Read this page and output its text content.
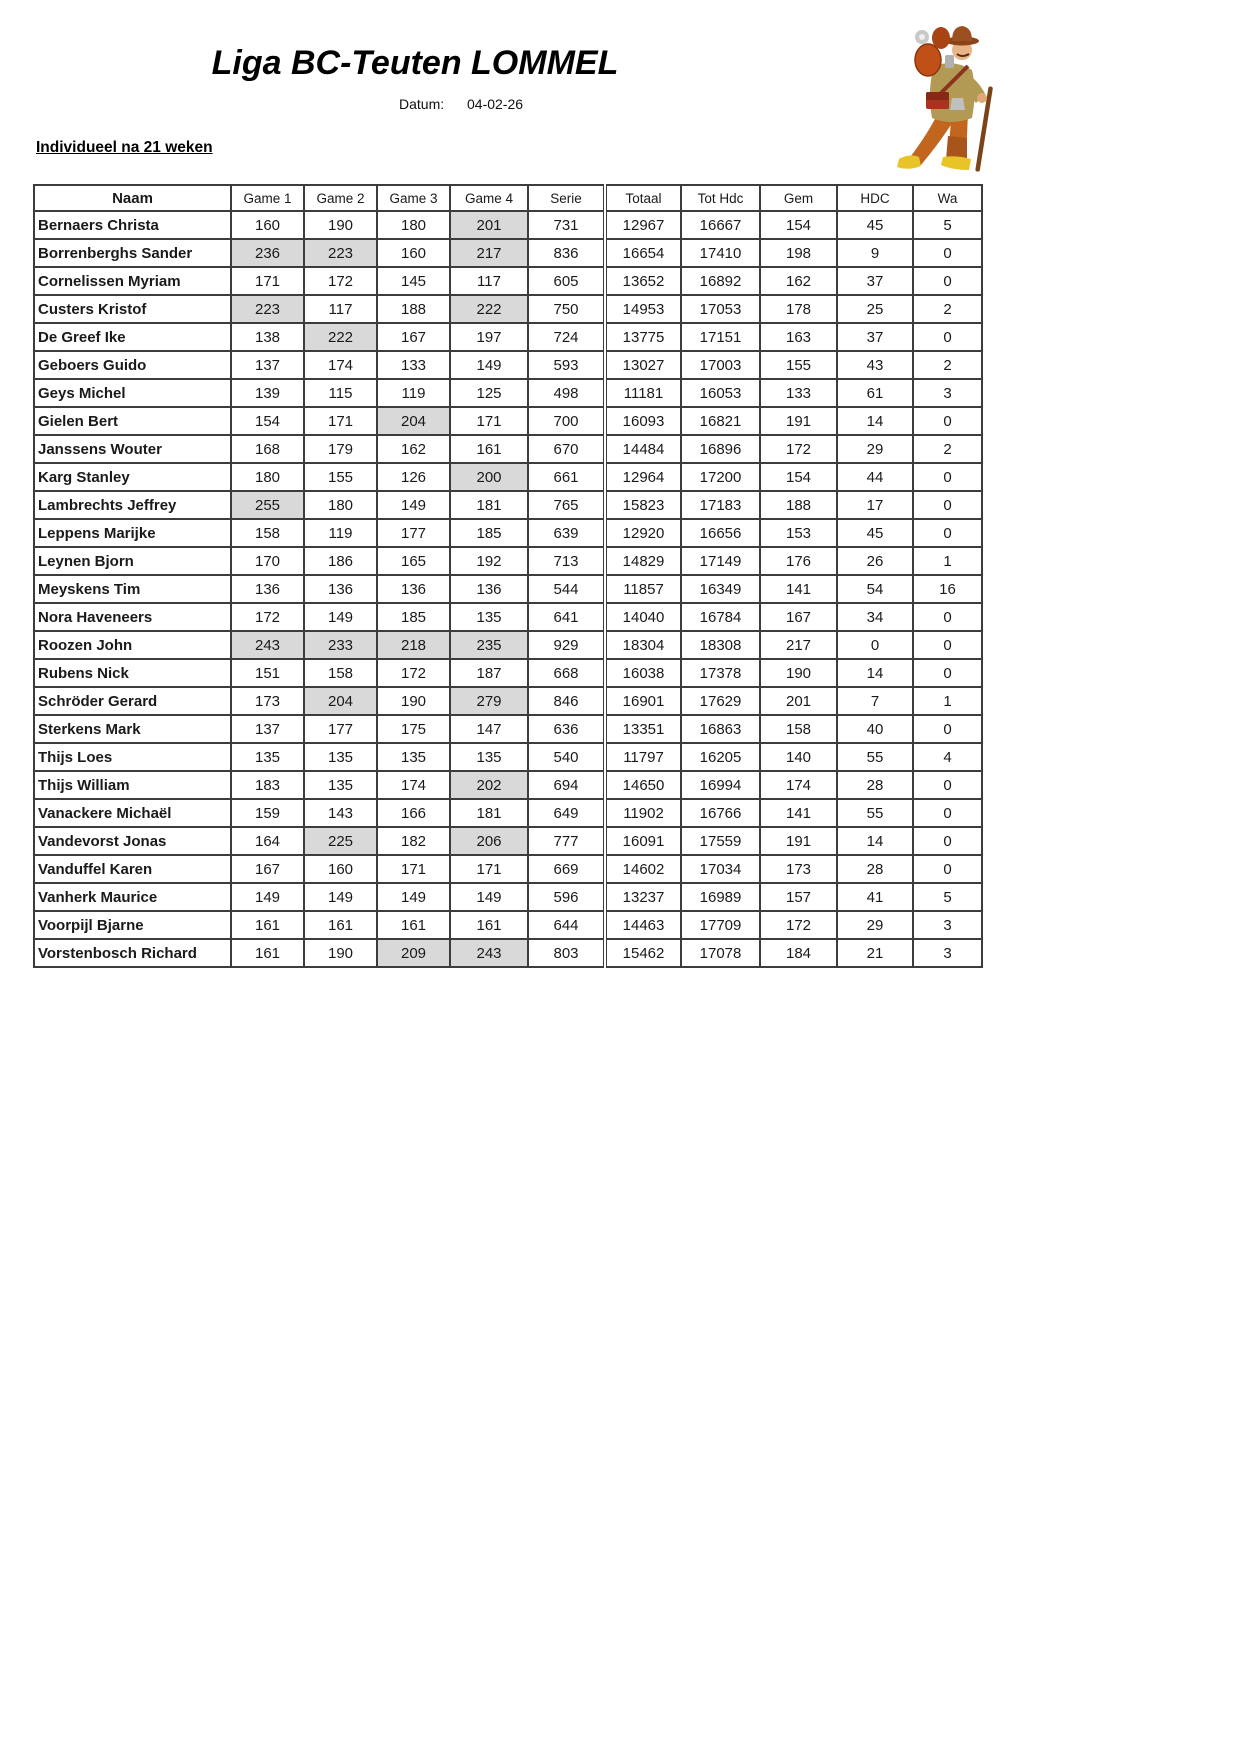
Liga BC-Teuten LOMMEL
Datum: 04-02-26
Individueel na 21 weken
Naam	Game 1	Game 2	Game 3	Game 4	Serie	Totaal	Tot Hdc	Gem	HDC	Wa
Bernaers Christa	160	190	180	201	731	12967	16667	154	45	5
Borrenberghs Sander	236	223	160	217	836	16654	17410	198	9	0
Cornelissen Myriam	171	172	145	117	605	13652	16892	162	37	0
Custers Kristof	223	117	188	222	750	14953	17053	178	25	2
De Greef Ike	138	222	167	197	724	13775	17151	163	37	0
Geboers Guido	137	174	133	149	593	13027	17003	155	43	2
Geys Michel	139	115	119	125	498	11181	16053	133	61	3
Gielen Bert	154	171	204	171	700	16093	16821	191	14	0
Janssens Wouter	168	179	162	161	670	14484	16896	172	29	2
Karg Stanley	180	155	126	200	661	12964	17200	154	44	0
Lambrechts Jeffrey	255	180	149	181	765	15823	17183	188	17	0
Leppens Marijke	158	119	177	185	639	12920	16656	153	45	0
Leynen Bjorn	170	186	165	192	713	14829	17149	176	26	1
Meyskens Tim	136	136	136	136	544	11857	16349	141	54	16
Nora Haveneers	172	149	185	135	641	14040	16784	167	34	0
Roozen John	243	233	218	235	929	18304	18308	217	0	0
Rubens Nick	151	158	172	187	668	16038	17378	190	14	0
Schröder Gerard	173	204	190	279	846	16901	17629	201	7	1
Sterkens Mark	137	177	175	147	636	13351	16863	158	40	0
Thijs Loes	135	135	135	135	540	11797	16205	140	55	4
Thijs William	183	135	174	202	694	14650	16994	174	28	0
Vanackere Michaël	159	143	166	181	649	11902	16766	141	55	0
Vandevorst Jonas	164	225	182	206	777	16091	17559	191	14	0
Vanduffel Karen	167	160	171	171	669	14602	17034	173	28	0
Vanherk Maurice	149	149	149	149	596	13237	16989	157	41	5
Voorpijl Bjarne	161	161	161	161	644	14463	17709	172	29	3
Vorstenbosch Richard	161	190	209	243	803	15462	17078	184	21	3
